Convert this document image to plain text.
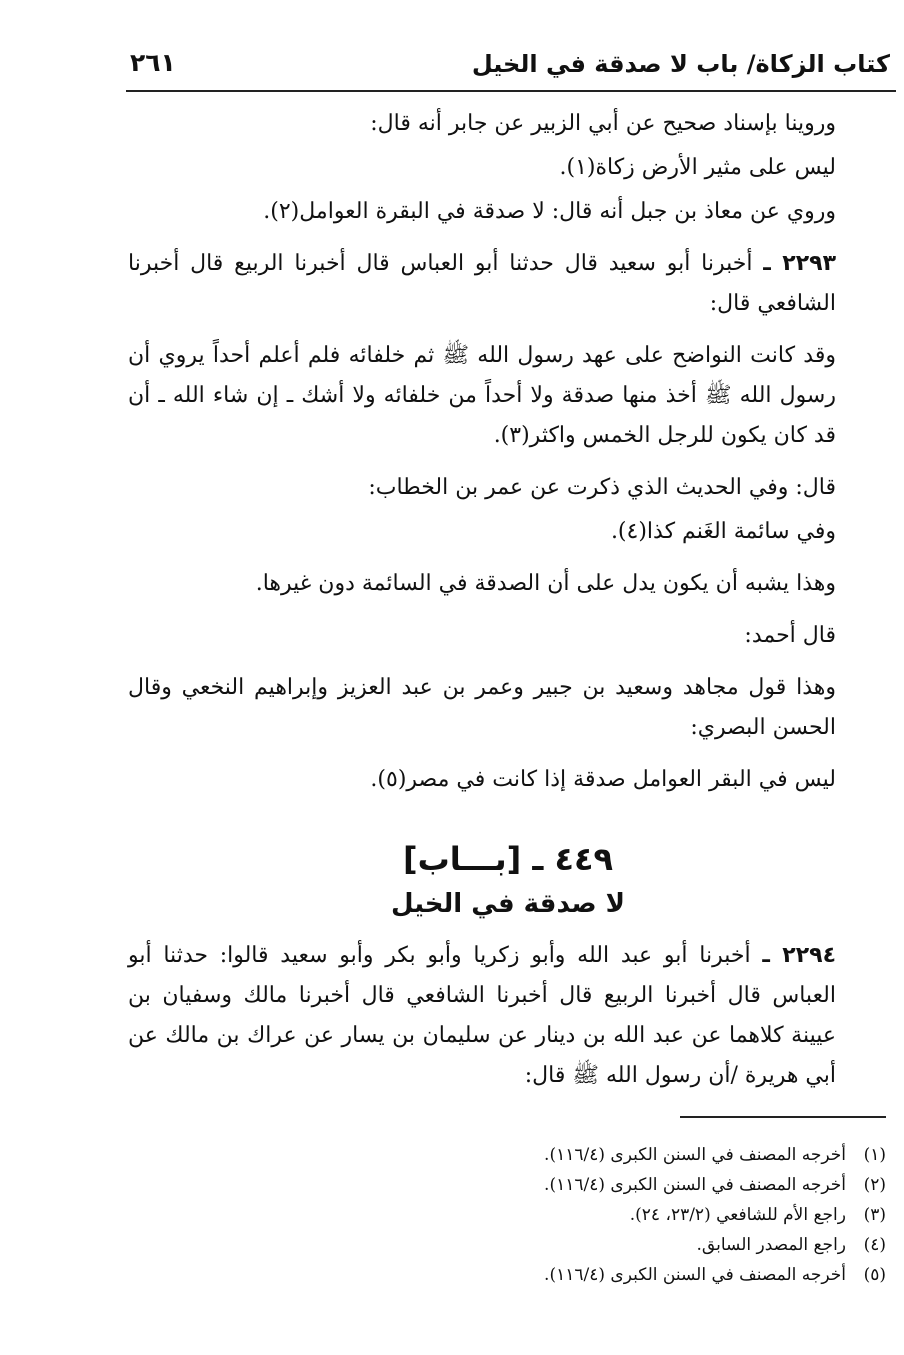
كتاب الزكاة/ باب لا صدقة في الخيل
٢٦١

وروينا بإسناد صحيح عن أبي الزبير عن جابر أنه قال:

ليس على مثير الأرض زكاة(١).

وروي عن معاذ بن جبل أنه قال: لا صدقة في البقرة العوامل(٢).

٢٢٩٣ ـ أخبرنا أبو سعيد قال حدثنا أبو العباس قال أخبرنا الربيع قال أخبرنا الشافعي قال:

وقد كانت النواضح على عهد رسول الله ﷺ ثم خلفائه فلم أعلم أحداً يروي أن رسول الله ﷺ أخذ منها صدقة ولا أحداً من خلفائه ولا أشك ـ إن شاء الله ـ أن قد كان يكون للرجل الخمس واكثر(٣).

قال: وفي الحديث الذي ذكرت عن عمر بن الخطاب:

وفي سائمة الغَنم كذا(٤).

وهذا يشبه أن يكون يدل على أن الصدقة في السائمة دون غيرها.

قال أحمد:

وهذا قول مجاهد وسعيد بن جبير وعمر بن عبد العزيز وإبراهيم النخعي وقال الحسن البصري:

ليس في البقر العوامل صدقة إذا كانت في مصر(٥).

٤٤٩ ـ [بـــاب]
لا صدقة في الخيل

٢٢٩٤ ـ أخبرنا أبو عبد الله وأبو زكريا وأبو بكر وأبو سعيد قالوا: حدثنا أبو العباس قال أخبرنا الربيع قال أخبرنا الشافعي قال أخبرنا مالك وسفيان بن عيينة كلاهما عن عبد الله بن دينار عن سليمان بن يسار عن عراك بن مالك عن أبي هريرة /أن رسول الله ﷺ قال:

(١)أخرجه المصنف في السنن الكبرى (١١٦/٤).
(٢)أخرجه المصنف في السنن الكبرى (١١٦/٤).
(٣)راجع الأم للشافعي (٢٣/٢، ٢٤).
(٤)راجع المصدر السابق.
(٥)أخرجه المصنف في السنن الكبرى (١١٦/٤).
